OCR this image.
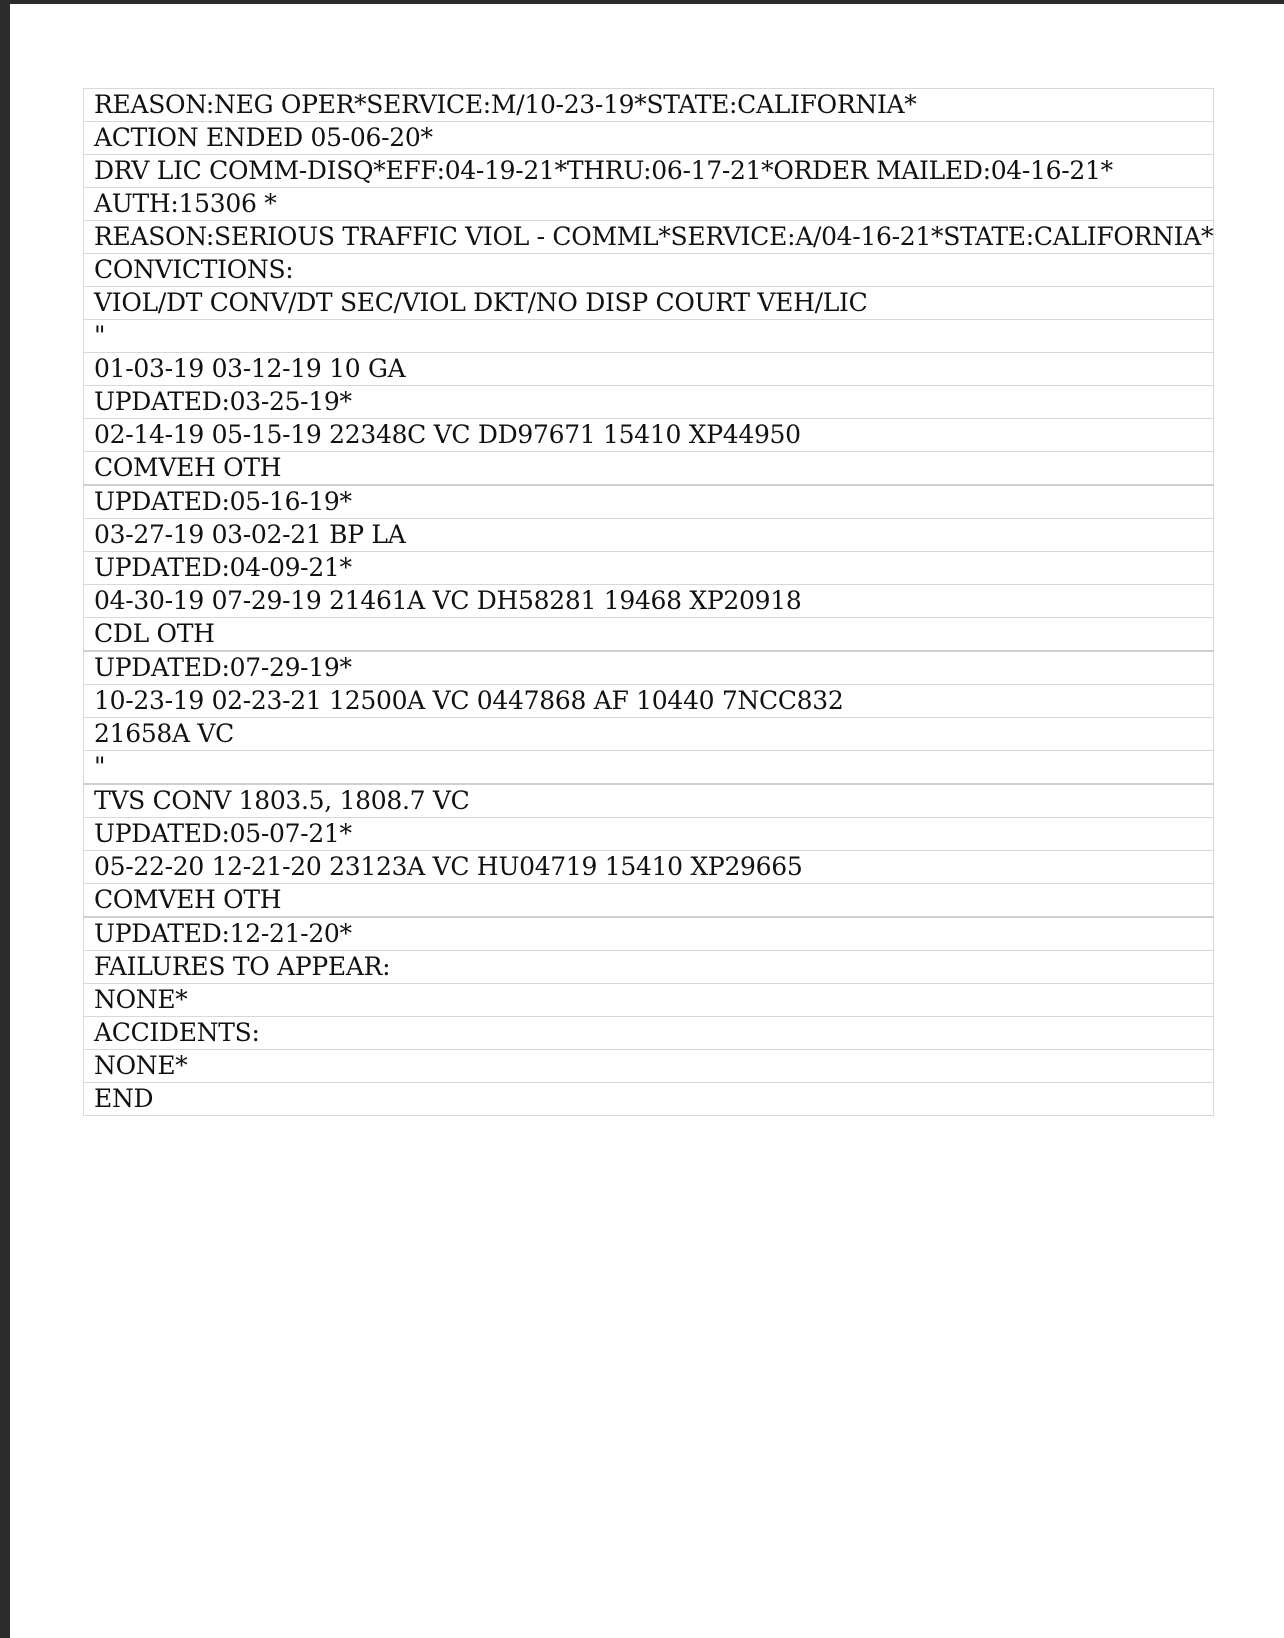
REASON:NEG OPER*SERVICE:M/10-23-19*STATE:CALIFORNIA*
ACTION ENDED 05-06-20*
DRV LIC COMM-DISQ*EFF:04-19-21*THRU:06-17-21*ORDER MAILED:04-16-21*
AUTH:15306 *
REASON:SERIOUS TRAFFIC VIOL - COMML*SERVICE:A/04-16-21*STATE:CALIFORNIA*
CONVICTIONS:
VIOL/DT CONV/DT SEC/VIOL DKT/NO DISP COURT VEH/LIC
"
01-03-19 03-12-19 10 GA
UPDATED:03-25-19*
02-14-19 05-15-19 22348C VC DD97671 15410 XP44950
COMVEH OTH
UPDATED:05-16-19*
03-27-19 03-02-21 BP LA
UPDATED:04-09-21*
04-30-19 07-29-19 21461A VC DH58281 19468 XP20918
CDL OTH
UPDATED:07-29-19*
10-23-19 02-23-21 12500A VC 0447868 AF 10440 7NCC832
21658A VC
"
TVS CONV 1803.5, 1808.7 VC
UPDATED:05-07-21*
05-22-20 12-21-20 23123A VC HU04719 15410 XP29665
COMVEH OTH
UPDATED:12-21-20*
FAILURES TO APPEAR:
NONE*
ACCIDENTS:
NONE*
END
